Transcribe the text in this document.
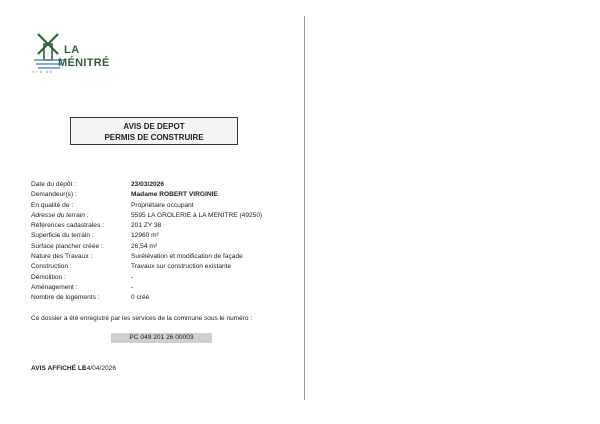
LA
MÉNITRÉ
VI E DE
AVIS DE DEPOT
PERMIS DE CONSTRUIRE
Date du dépôt :	23/03/2026
Demandeur(s) :	Madame ROBERT VIRGINIE
En qualité de :	Propriétaire occupant
Adresse du terrain :	5595 LA GROLERIE à LA MENITRE (49250)
Références cadastrales :	201 ZY 38
Superficie du terrain :	12960 m²
Surface plancher créée :	26,54 m²
Nature des Travaux :	Surélévation et modification de façade
Construction :	Travaux sur construction existante
Démolition :	-
Aménagement :	-
Nombre de logements :	0 créé
Ce dossier a été enregistré par les services de la commune sous le numéro :
PC 049 201 26 00003
AVIS AFFICHÉ LE :
14/04/2026
